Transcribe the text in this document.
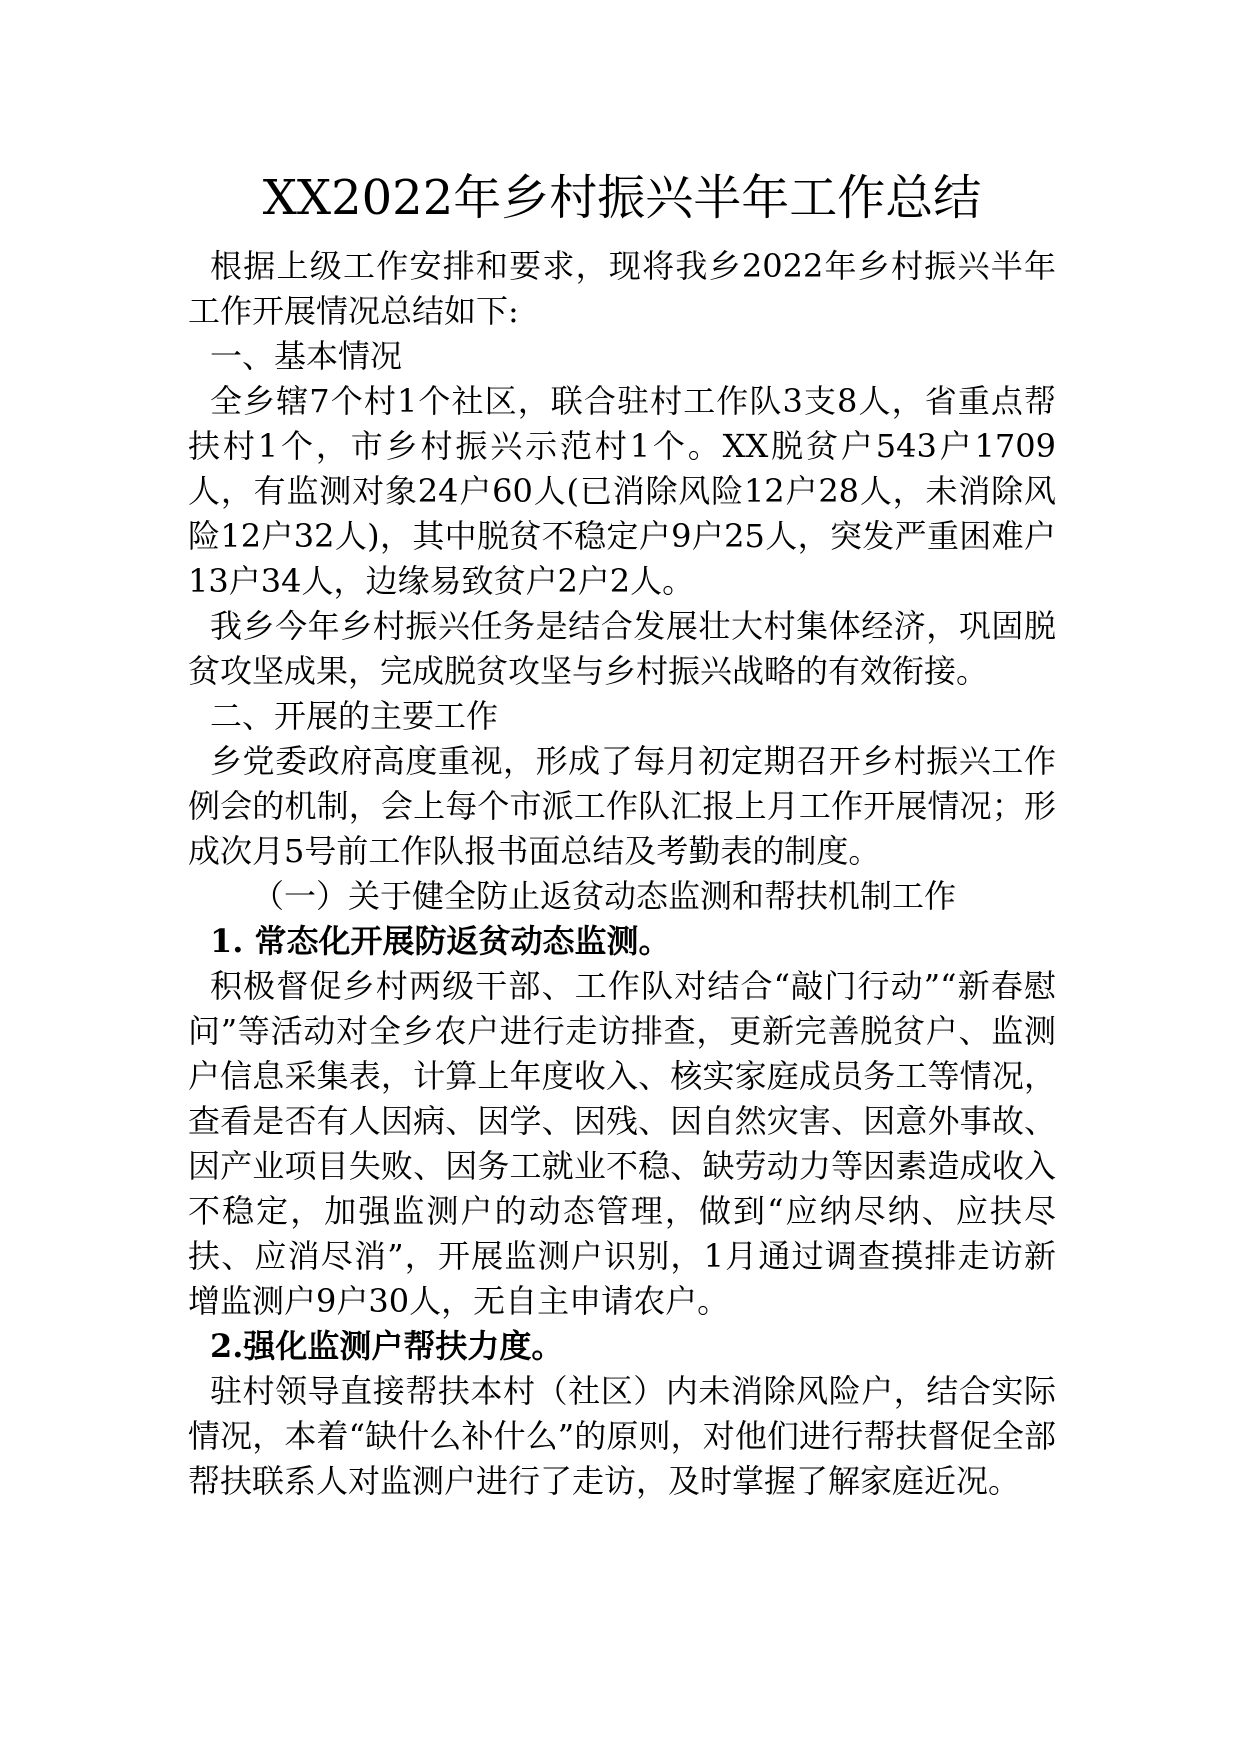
XX2022年乡村振兴半年工作总结

根据上级工作安排和要求，现将我乡2022年乡村振兴半年工作开展情况总结如下:

一、基本情况

全乡辖7个村1个社区，联合驻村工作队3支8人，省重点帮扶村1个，市乡村振兴示范村1个。XX脱贫户543户1709人，有监测对象24户60人(已消除风险12户28人，未消除风险12户32人)，其中脱贫不稳定户9户25人，突发严重困难户13户34人，边缘易致贫户2户2人。

我乡今年乡村振兴任务是结合发展壮大村集体经济，巩固脱贫攻坚成果，完成脱贫攻坚与乡村振兴战略的有效衔接。

二、开展的主要工作

乡党委政府高度重视，形成了每月初定期召开乡村振兴工作例会的机制，会上每个市派工作队汇报上月工作开展情况；形成次月5号前工作队报书面总结及考勤表的制度。

（一）关于健全防止返贫动态监测和帮扶机制工作

1. 常态化开展防返贫动态监测。

积极督促乡村两级干部、工作队对结合“敲门行动”“新春慰问”等活动对全乡农户进行走访排查，更新完善脱贫户、监测户信息采集表，计算上年度收入、核实家庭成员务工等情况，查看是否有人因病、因学、因残、因自然灾害、因意外事故、因产业项目失败、因务工就业不稳、缺劳动力等因素造成收入不稳定，加强监测户的动态管理，做到“应纳尽纳、应扶尽扶、应消尽消”，开展监测户识别，1月通过调查摸排走访新增监测户9户30人，无自主申请农户。

2.强化监测户帮扶力度。

驻村领导直接帮扶本村（社区）内未消除风险户，结合实际情况，本着“缺什么补什么”的原则，对他们进行帮扶督促全部帮扶联系人对监测户进行了走访，及时掌握了解家庭近况。
